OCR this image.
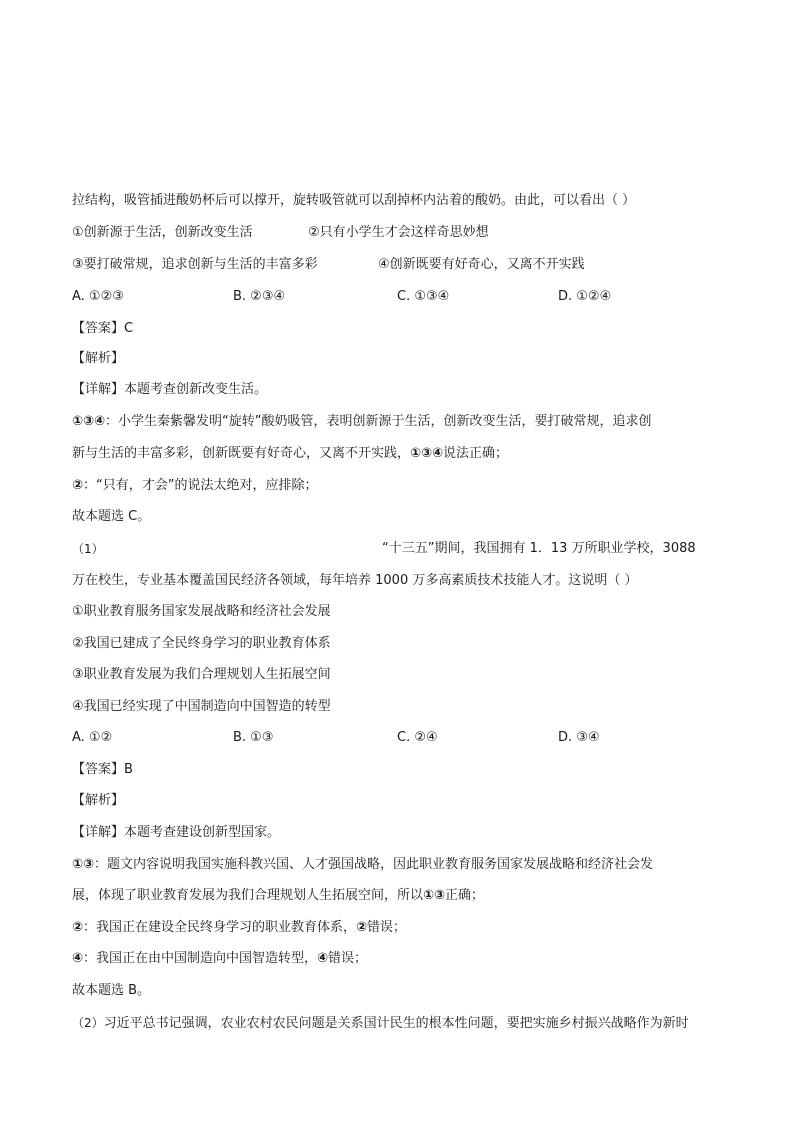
拉结构，吸管插进酸奶杯后可以撑开，旋转吸管就可以刮掉杯内沾着的酸奶。由此，可以看出（ ）
①创新源于生活，创新改变生活	②只有小学生才会这样奇思妙想
③要打破常规，追求创新与生活的丰富多彩	④创新既要有好奇心，又离不开实践
A. ①②③	B. ②③④	C. ①③④	D. ①②④
【答案】C
【解析】
【详解】本题考查创新改变生活。
①③④：小学生秦紫馨发明“旋转”酸奶吸管，表明创新源于生活，创新改变生活，要打破常规，追求创
新与生活的丰富多彩，创新既要有好奇心，又离不开实践，①③④说法正确；
②：“只有，才会”的说法太绝对，应排除；
故本题选 C。
（1）	“十三五”期间，我国拥有 1．13 万所职业学校，3088
万在校生，专业基本覆盖国民经济各领域，每年培养 1000 万多高素质技术技能人才。这说明（ ）
①职业教育服务国家发展战略和经济社会发展
②我国已建成了全民终身学习的职业教育体系
③职业教育发展为我们合理规划人生拓展空间
④我国已经实现了中国制造向中国智造的转型
A. ①②	B. ①③	C. ②④	D. ③④
【答案】B
【解析】
【详解】本题考查建设创新型国家。
①③：题文内容说明我国实施科教兴国、人才强国战略，因此职业教育服务国家发展战略和经济社会发
展，体现了职业教育发展为我们合理规划人生拓展空间，所以①③正确；
②：我国正在建设全民终身学习的职业教育体系，②错误；
④：我国正在由中国制造向中国智造转型，④错误；
故本题选 B。
（2）习近平总书记强调，农业农村农民问题是关系国计民生的根本性问题，要把实施乡村振兴战略作为新时
